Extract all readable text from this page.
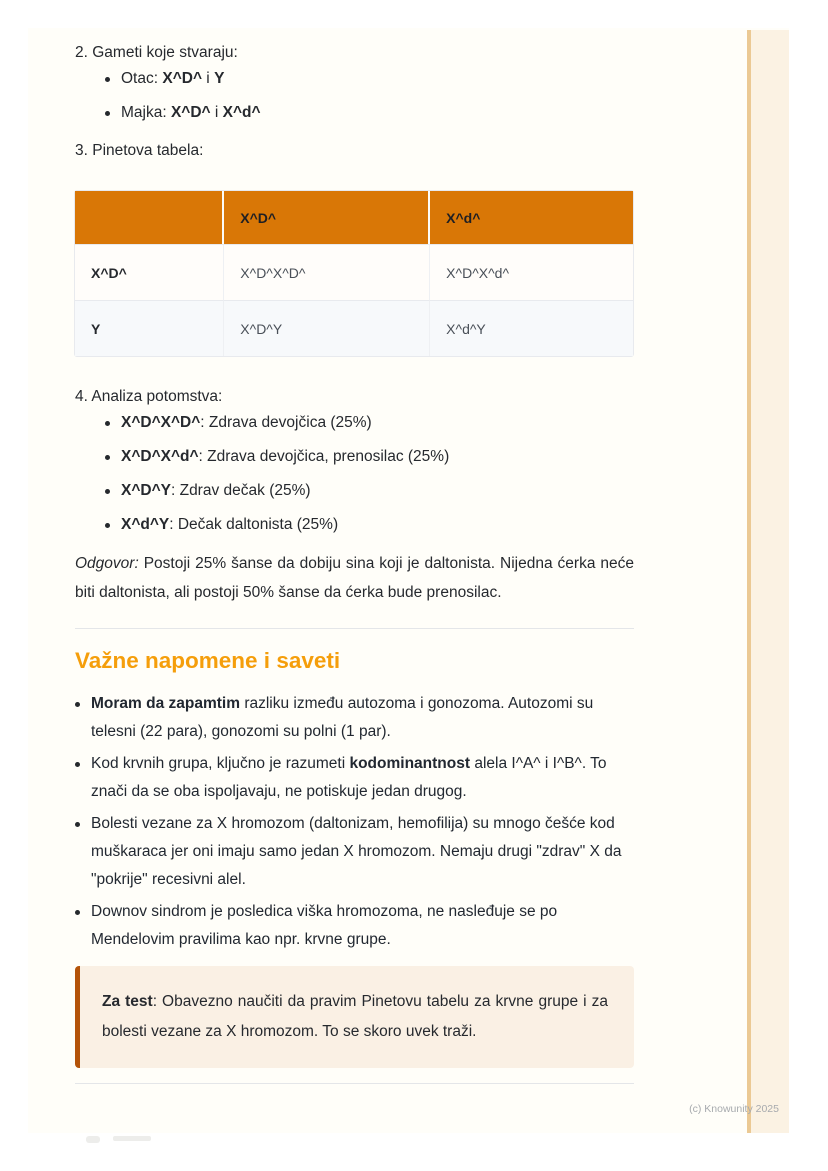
2. Gameti koje stvaraju:
Otac: X^D^ i Y
Majka: X^D^ i X^d^
3. Pinetova tabela:
	X^D^	X^d^
X^D^	X^D^X^D^	X^D^X^d^
Y	X^D^Y	X^d^Y
4. Analiza potomstva:
X^D^X^D^: Zdrava devojčica (25%)
X^D^X^d^: Zdrava devojčica, prenosilac (25%)
X^D^Y: Zdrav dečak (25%)
X^d^Y: Dečak daltonista (25%)

Odgovor: Postoji 25% šanse da dobiju sina koji je daltonista. Nijedna ćerka neće biti daltonista, ali postoji 50% šanse da ćerka bude prenosilac.

Važne napomene i saveti
Moram da zapamtim razliku između autozoma i gonozoma. Autozomi su telesni (22 para), gonozomi su polni (1 par).
Kod krvnih grupa, ključno je razumeti kodominantnost alela I^A^ i I^B^. To znači da se oba ispoljavaju, ne potiskuje jedan drugog.
Bolesti vezane za X hromozom (daltonizam, hemofilija) su mnogo češće kod muškaraca jer oni imaju samo jedan X hromozom. Nemaju drugi "zdrav" X da "pokrije" recesivni alel.
Downov sindrom je posledica viška hromozoma, ne nasleđuje se po Mendelovim pravilima kao npr. krvne grupe.

Za test: Obavezno naučiti da pravim Pinetovu tabelu za krvne grupe i za bolesti vezane za X hromozom. To se skoro uvek traži.

(c) Knowunity 2025
